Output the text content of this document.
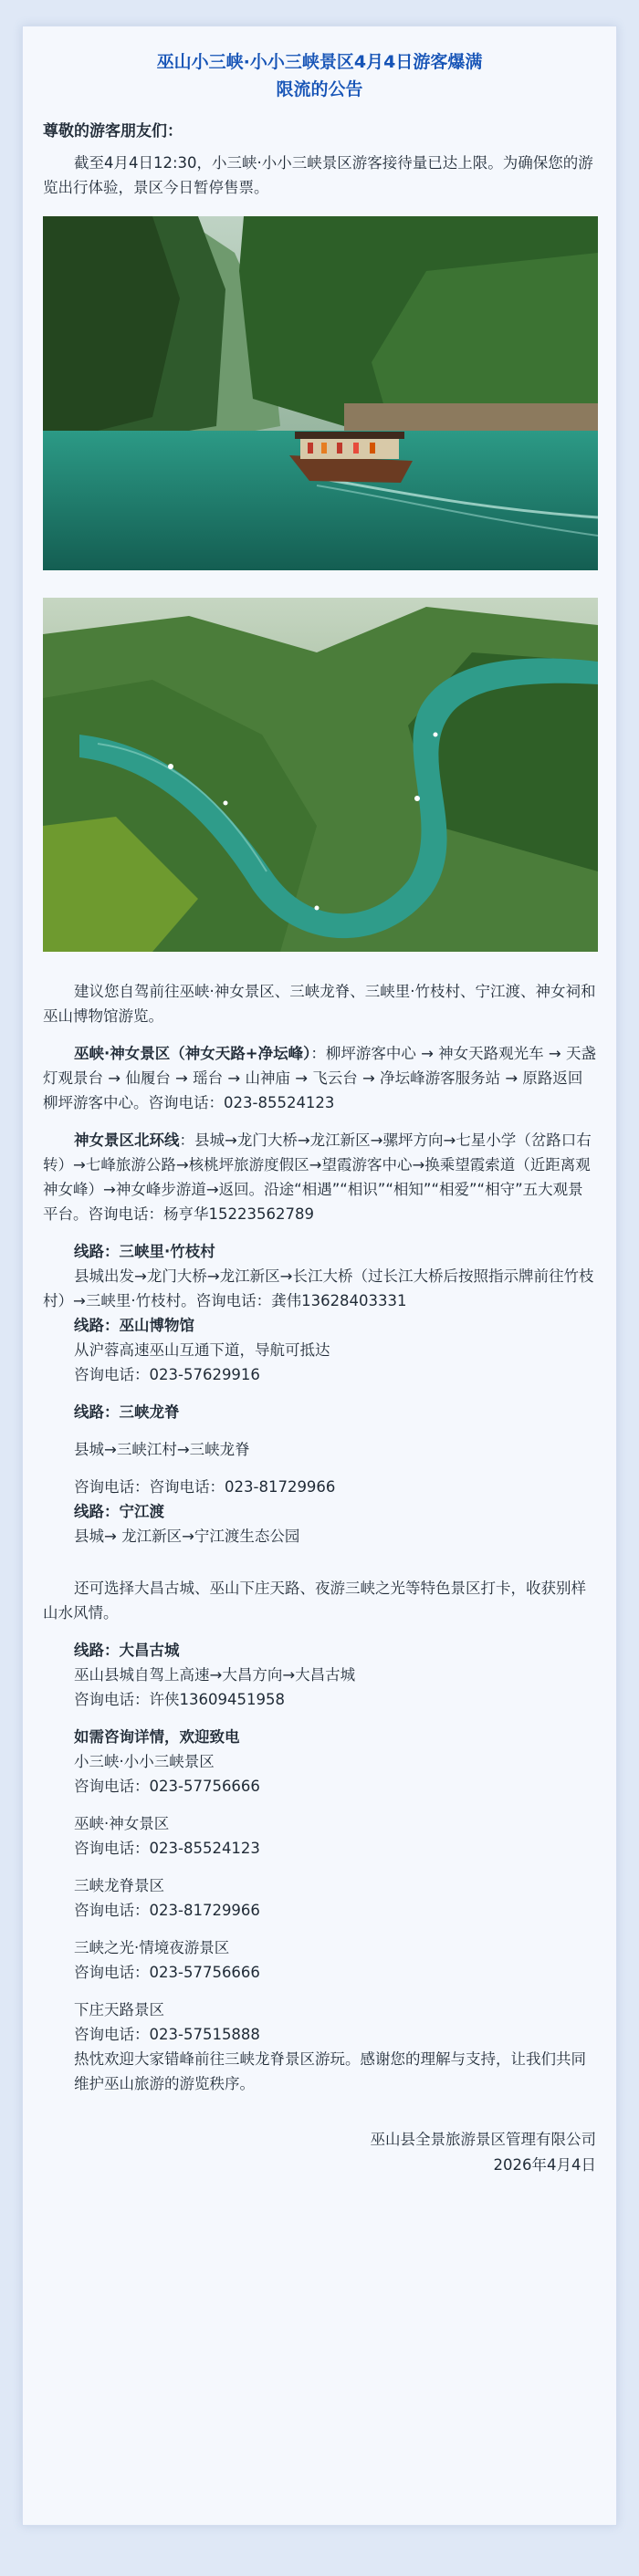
巫山小三峡·小小三峡景区4月4日游客爆满
限流的公告
尊敬的游客朋友们：

截至4月4日12:30，小三峡·小小三峡景区游客接待量已达上限。为确保您的游览出行体验，景区今日暂停售票。

建议您自驾前往巫峡·神女景区、三峡龙脊、三峡里·竹枝村、宁江渡、神女祠和巫山博物馆游览。

巫峡·神女景区（神女天路+净坛峰）：柳坪游客中心 → 神女天路观光车 → 天盏灯观景台 → 仙履台 → 瑶台 → 山神庙 → 飞云台 → 净坛峰游客服务站 → 原路返回柳坪游客中心。咨询电话：023-85524123

神女景区北环线：县城→龙门大桥→龙江新区→骡坪方向→七星小学（岔路口右转）→七峰旅游公路→核桃坪旅游度假区→望霞游客中心→换乘望霞索道（近距离观神女峰）→神女峰步游道→返回。沿途“相遇”“相识”“相知”“相爱”“相守”五大观景平台。咨询电话：杨亨华15223562789

线路：三峡里·竹枝村

县城出发→龙门大桥→龙江新区→长江大桥（过长江大桥后按照指示牌前往竹枝村）→三峡里·竹枝村。咨询电话：龚伟13628403331

线路：巫山博物馆

从沪蓉高速巫山互通下道，导航可抵达

咨询电话：023-57629916

线路：三峡龙脊

县城→三峡江村→三峡龙脊

咨询电话：咨询电话：023-81729966

线路：宁江渡

县城→ 龙江新区→宁江渡生态公园

还可选择大昌古城、巫山下庄天路、夜游三峡之光等特色景区打卡，收获别样山水风情。

线路：大昌古城

巫山县城自驾上高速→大昌方向→大昌古城

咨询电话：许侠13609451958

如需咨询详情，欢迎致电

小三峡·小小三峡景区

咨询电话：023-57756666

巫峡·神女景区

咨询电话：023-85524123

三峡龙脊景区

咨询电话：023-81729966

三峡之光·情境夜游景区

咨询电话：023-57756666

下庄天路景区

咨询电话：023-57515888

热忱欢迎大家错峰前往三峡龙脊景区游玩。感谢您的理解与支持，让我们共同维护巫山旅游的游览秩序。

巫山县全景旅游景区管理有限公司
2026年4月4日
